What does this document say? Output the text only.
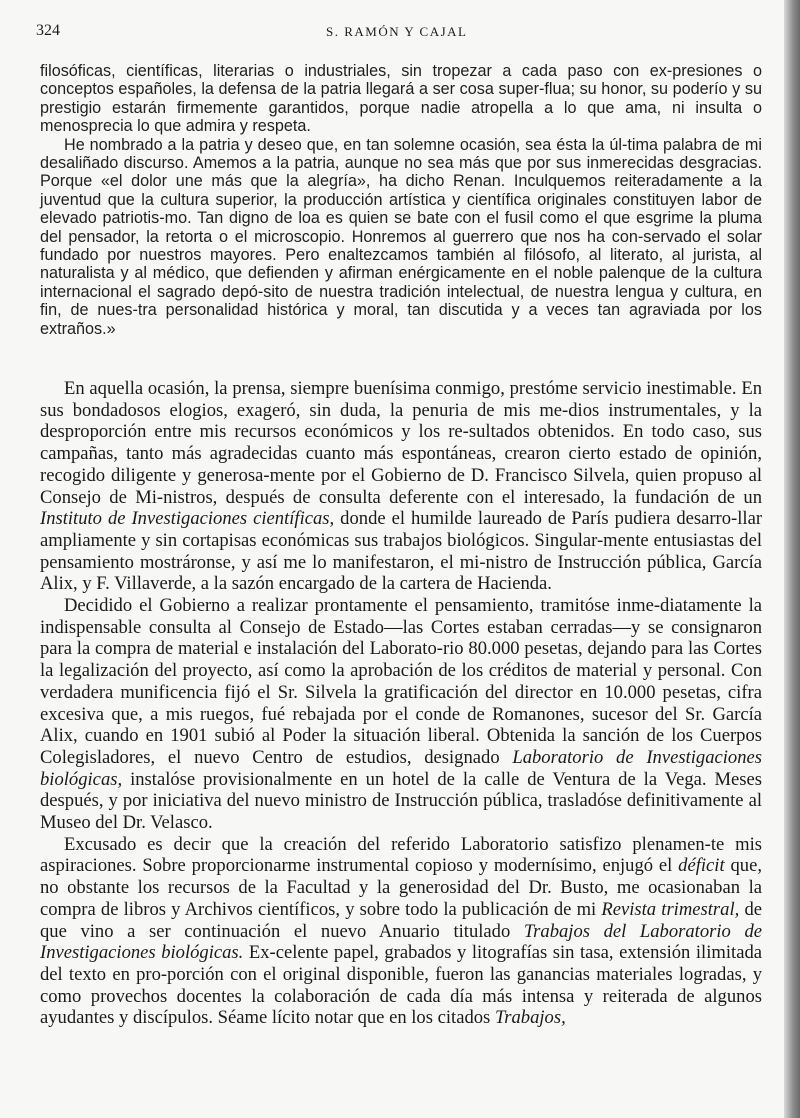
324	S. RAMÓN Y CAJAL

filosóficas, científicas, literarias o industriales, sin tropezar a cada paso con ex-presiones o conceptos españoles, la defensa de la patria llegará a ser cosa super-flua; su honor, su poderío y su prestigio estarán firmemente garantidos, porque nadie atropella a lo que ama, ni insulta o menosprecia lo que admira y respeta.

He nombrado a la patria y deseo que, en tan solemne ocasión, sea ésta la úl-tima palabra de mi desaliñado discurso. Amemos a la patria, aunque no sea más que por sus inmerecidas desgracias. Porque «el dolor une más que la alegría», ha dicho Renan. Inculquemos reiteradamente a la juventud que la cultura superior, la producción artística y científica originales constituyen labor de elevado patriotis-mo. Tan digno de loa es quien se bate con el fusil como el que esgrime la pluma del pensador, la retorta o el microscopio. Honremos al guerrero que nos ha con-servado el solar fundado por nuestros mayores. Pero enaltezcamos también al filósofo, al literato, al jurista, al naturalista y al médico, que defienden y afirman enérgicamente en el noble palenque de la cultura internacional el sagrado depó-sito de nuestra tradición intelectual, de nuestra lengua y cultura, en fin, de nues-tra personalidad histórica y moral, tan discutida y a veces tan agraviada por los extraños.»

En aquella ocasión, la prensa, siempre buenísima conmigo, prestóme servicio inestimable. En sus bondadosos elogios, exageró, sin duda, la penuria de mis me-dios instrumentales, y la desproporción entre mis recursos económicos y los re-sultados obtenidos. En todo caso, sus campañas, tanto más agradecidas cuanto más espontáneas, crearon cierto estado de opinión, recogido diligente y generosa-mente por el Gobierno de D. Francisco Silvela, quien propuso al Consejo de Mi-nistros, después de consulta deferente con el interesado, la fundación de un Instituto de Investigaciones científicas, donde el humilde laureado de París pudiera desarro-llar ampliamente y sin cortapisas económicas sus trabajos biológicos. Singular-mente entusiastas del pensamiento mostráronse, y así me lo manifestaron, el mi-nistro de Instrucción pública, García Alix, y F. Villaverde, a la sazón encargado de la cartera de Hacienda.

Decidido el Gobierno a realizar prontamente el pensamiento, tramitóse inme-diatamente la indispensable consulta al Consejo de Estado—las Cortes estaban cerradas—y se consignaron para la compra de material e instalación del Laborato-rio 80.000 pesetas, dejando para las Cortes la legalización del proyecto, así como la aprobación de los créditos de material y personal. Con verdadera munificencia fijó el Sr. Silvela la gratificación del director en 10.000 pesetas, cifra excesiva que, a mis ruegos, fué rebajada por el conde de Romanones, sucesor del Sr. García Alix, cuando en 1901 subió al Poder la situación liberal. Obtenida la sanción de los Cuerpos Colegisladores, el nuevo Centro de estudios, designado Laboratorio de Investigaciones biológicas, instalóse provisionalmente en un hotel de la calle de Ventura de la Vega. Meses después, y por iniciativa del nuevo ministro de Instrucción pública, trasladóse definitivamente al Museo del Dr. Velasco.

Excusado es decir que la creación del referido Laboratorio satisfizo plenamen-te mis aspiraciones. Sobre proporcionarme instrumental copioso y modernísimo, enjugó el déficit que, no obstante los recursos de la Facultad y la generosidad del Dr. Busto, me ocasionaban la compra de libros y Archivos científicos, y sobre todo la publicación de mi Revista trimestral, de que vino a ser continuación el nuevo Anuario titulado Trabajos del Laboratorio de Investigaciones biológicas. Ex-celente papel, grabados y litografías sin tasa, extensión ilimitada del texto en pro-porción con el original disponible, fueron las ganancias materiales logradas, y como provechos docentes la colaboración de cada día más intensa y reiterada de algunos ayudantes y discípulos. Séame lícito notar que en los citados Trabajos,
